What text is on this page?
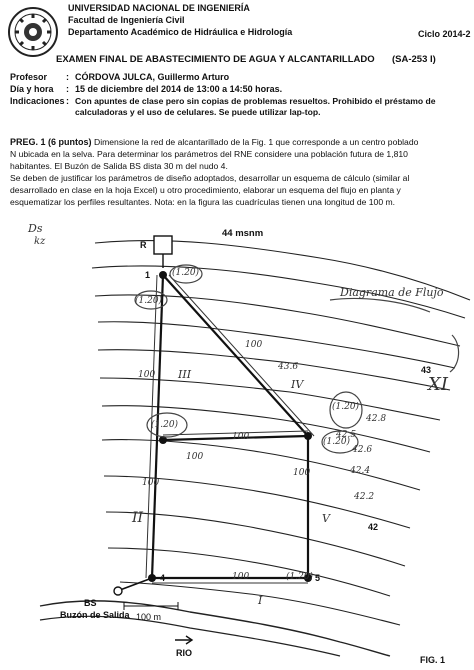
UNIVERSIDAD NACIONAL DE INGENIERÍA
Facultad de Ingeniería Civil
Departamento Académico de Hidráulica e Hidrología	Ciclo 2014-2
EXAMEN FINAL DE ABASTECIMIENTO DE AGUA Y ALCANTARILLADO (SA-253 I)
Profesor : CÓRDOVA JULCA, Guillermo Arturo
Día y hora : 15 de diciembre del 2014 de 13:00 a 14:50 horas.
Indicaciones : Con apuntes de clase pero sin copias de problemas resueltos. Prohibido el préstamo de
calculadoras y el uso de celulares. Se puede utilizar lap-top.
PREG. 1 (6 puntos) Dimensione la red de alcantarillado de la Fig. 1 que corresponde a un centro poblado
N ubicada en la selva. Para determinar los parámetros del RNE considere una población futura de 1,810
habitantes. El Buzón de Salida BS dista 30 m del nudo 4.
Se deben de justificar los parámetros de diseño adoptados, desarrollar un esquema de cálculo (similar al
desarrollado en clase en la hoja Excel) u otro procedimiento, elaborar un esquema del flujo en planta y
esquematizar los perfiles resultantes. Nota: en la figura las cuadrículas tienen una longitud de 100 m.
44 msnm
43
42
R
1
4	5
BS
Buzón de Salida 100 m
RIO
FIG. 1
Diagrama de Flujo
Ds
kz
XI
III
IV
II	V
I
(1.20)
(1.20)
(1.20)
(1.20)
(1.20)
(1.20)
100
100
100
100
100
100
100
42.8
42.6
42.4
42.2
43.6
42.5
